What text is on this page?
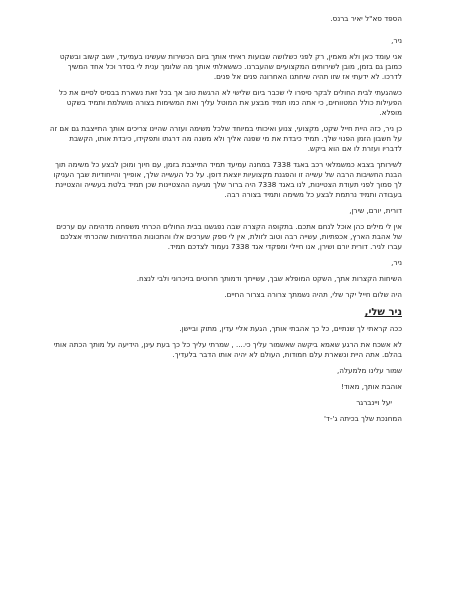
הספד סא"ל יאיר ברנס.
ניר,

אני עומד כאן ולא מאמין, רק לפני כשלושה שבועות ראיתי אותך ביום הכשירות שעשינו בעמיעד, יושב קשוב ובשקט כמובן גם בזמן, מובן לשירותים המקצועיים שהעברנו. כששאלתי אותך מה שלומך ענית לי בסדר וכל אחד המשיך לדרכו. לא ידעתי אז שזו תהיה שיחתנו האחרונה פנים אל פנים.

כשהגעתי לבית החולים לבקר סיפרו לי שכבר ביום שלישי לא הרגשת טוב אך בכל זאת נשארת בבסיס לסיים את כל הפעילות כולל המטווחים, כי אתה כמו תמיד מבצע את המוטל עליך ואת המשימות בצורה מושלמת ותמיד בשקט מופלא.

כן ניר, כזה היית חייל שקט, מקצועי, צנוע ואיכותי במיוחד שלכל משימה ועזרה שהיינו צריכים אותך התייצבת גם אם זה על חשבון הזמן הפנוי שלך. תמיד כיבדת את מי שפנה אליך ולא משנה מה דרגתו ותפקידו, כיבדת אותו, הקשבת לדבריו ועזרת לו אם הוא ביקש.

לשירותך בצבא כמשמלאי רכב באגד 7338 במחנה עמיעד תמיד התייצבת בזמן, עם חיוך ומוכן לבצע כל משימה תוך הבנת החשיבות הרבה של עשייה זו והפגנת מקצועיות יוצאת דופן. על כל העשייה שלך, אופייך והייחודיות שבך העניקו לך סמוך לפני תעודת הצטיינות, לנו באגד 7338 היה ברור שלך מגיעה ההצטיינות שכן תמיד בלטת בעשייה והצטיינת בעבודה ותמיד נרתמת לבצע כל משימה ותמיד בצורה רבה.

דורית, יורם, שירן,

אין לי מילים כהן אוכל לנחם אתכם. בתקופה הקצרה שבה נפגשנו בבית החולים הכרתי משפחה מדהימה עם ערכים של אהבת הארץ, אכפתיות, עשייה רבה וטוב לזולת, אין לי ספק שערכים אלו והתכונות המדהימות שהכרתי אצלכם עברו לניר. דורית יורם ושירן, אנו חיילי ומפקדי אגד 7338 נעמוד לצדכם תמיד.

ניר,

השיחות הקצרות אתך, השקט המופלא שבך, עשייתך ודמותך חרוטים בזיכרוני ולבי לנצח.

היה שלום חייל יקר שלי, תהיה נשמתך צרורה בצרור החיים.

ניר שלי,

ככה קראתי לך שנתיים, כל כך אהבתי אותך, הגעת אליי עדין, מתוק וביישן.

לא אשכח את הרגע שאמא ביקשה שאשמור עליך כי.... , שמרתי עליך כל כך בעת עינן, הידיעה על מותך הכתה אותי בהלם. אתה היית ונשארת עלם חמודות, העולם לא יהיה אותו הדבר בלעדיך.

שמור עלינו מלמעלה,
אוהבת אותך, מאוד!
יעל ויינברגר
המחנכת שלך בכיתה ג'-ד'
